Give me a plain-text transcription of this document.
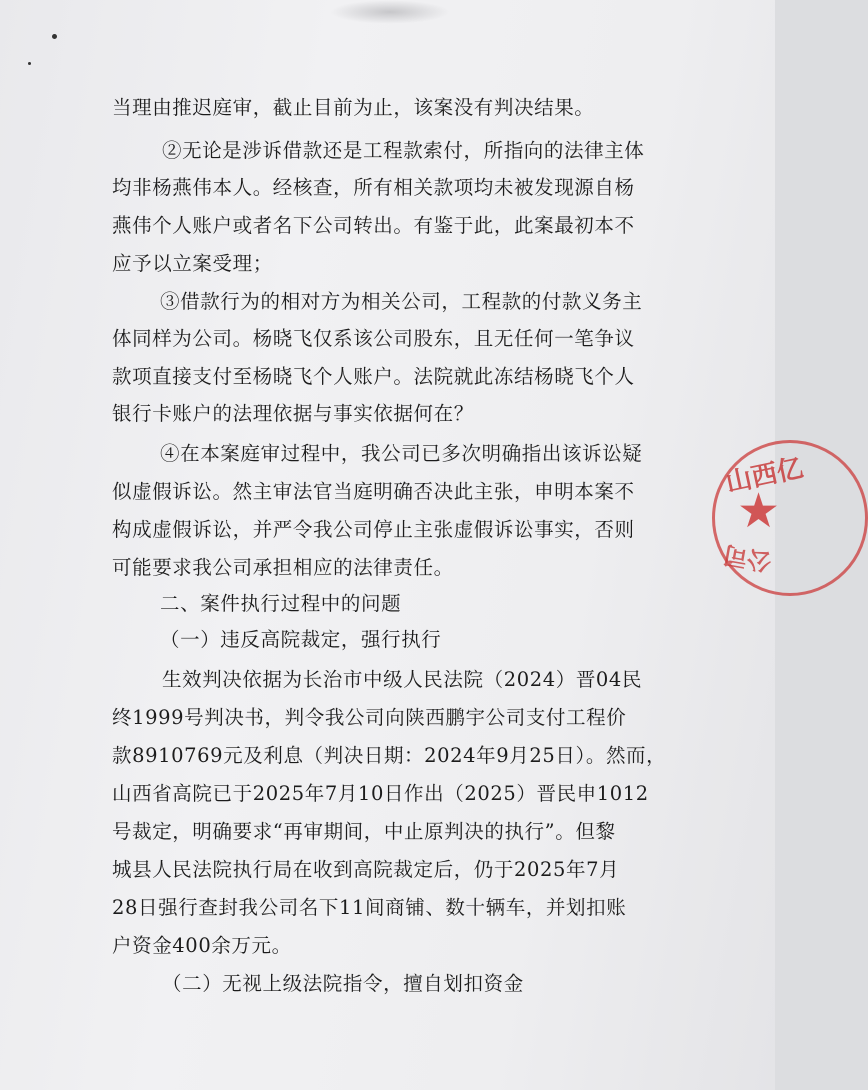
当理由推迟庭审，截止目前为止，该案没有判决结果。
②无论是涉诉借款还是工程款索付，所指向的法律主体
均非杨燕伟本人。经核查，所有相关款项均未被发现源自杨
燕伟个人账户或者名下公司转出。有鉴于此，此案最初本不
应予以立案受理；
③借款行为的相对方为相关公司，工程款的付款义务主
体同样为公司。杨晓飞仅系该公司股东，且无任何一笔争议
款项直接支付至杨晓飞个人账户。法院就此冻结杨晓飞个人
银行卡账户的法理依据与事实依据何在？
④在本案庭审过程中，我公司已多次明确指出该诉讼疑
似虚假诉讼。然主审法官当庭明确否决此主张，申明本案不
构成虚假诉讼，并严令我公司停止主张虚假诉讼事实，否则
可能要求我公司承担相应的法律责任。
二、案件执行过程中的问题
（一）违反高院裁定，强行执行
生效判决依据为长治市中级人民法院（2024）晋04民
终1999号判决书，判令我公司向陕西鹏宇公司支付工程价
款8910769元及利息（判决日期：2024年9月25日）。然而，
山西省高院已于2025年7月10日作出（2025）晋民申1012
号裁定，明确要求“再审期间，中止原判决的执行”。但黎
城县人民法院执行局在收到高院裁定后，仍于2025年7月
28日强行查封我公司名下11间商铺、数十辆车，并划扣账
户资金400余万元。
（二）无视上级法院指令，擅自划扣资金
山西亿
★
公司
